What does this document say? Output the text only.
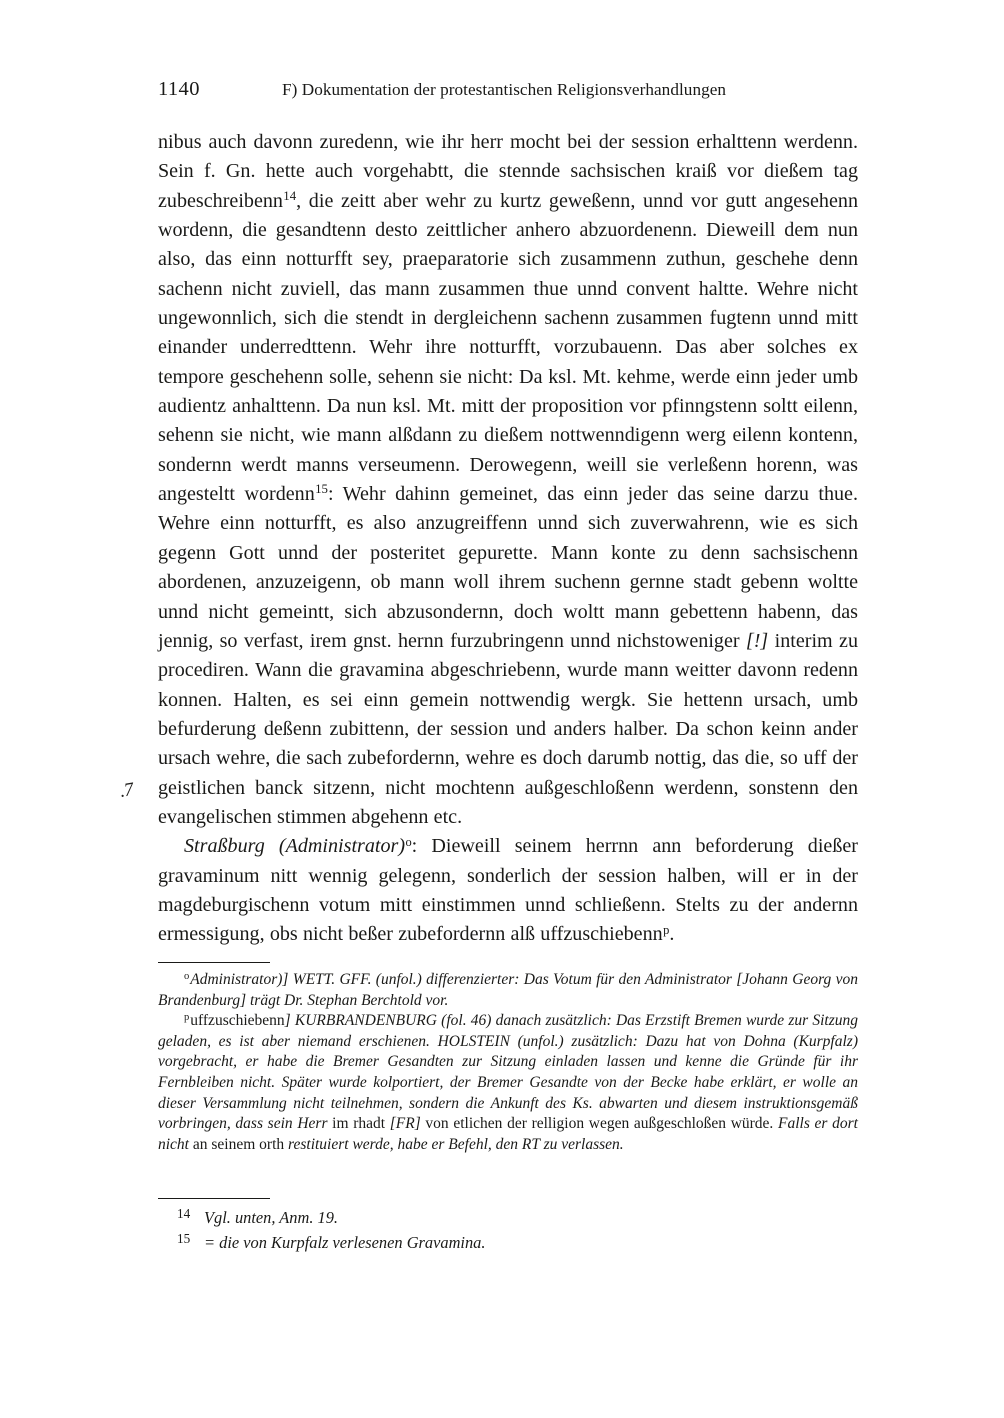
1140	F) Dokumentation der protestantischen Religionsverhandlungen
.7

nibus auch davonn zuredenn, wie ihr herr mocht bei der session erhalttenn werdenn. Sein f. Gn. hette auch vorgehabtt, die stennde sachsischen kraiß vor dießem tag zubeschreibenn$^{14}$, die zeitt aber wehr zu kurtz geweßenn, unnd vor gutt angesehenn wordenn, die gesandtenn desto zeittlicher anhero abzuordenenn. Dieweill dem nun also, das einn notturfft sey, praeparatorie sich zusammenn zuthun, geschehe denn sachenn nicht zuviell, das mann zusammen thue unnd convent haltte. Wehre nicht ungewonnlich, sich die stendt in dergleichenn sachenn zusammen fugtenn unnd mitt einander underredttenn. Wehr ihre notturfft, vorzubauenn. Das aber solches ex tempore geschehenn solle, sehenn sie nicht: Da ksl. Mt. kehme, werde einn jeder umb audientz anhalttenn. Da nun ksl. Mt. mitt der proposition vor pfinngstenn soltt eilenn, sehenn sie nicht, wie mann alßdann zu dießem nottwenndigenn werg eilenn kontenn, sondernn werdt manns verseumenn. Derowegenn, weill sie verleßenn horenn, was angesteltt wordenn$^{15}$: Wehr dahinn gemeinet, das einn jeder das seine darzu thue. Wehre einn notturfft, es also anzugreiffenn unnd sich zuverwahrenn, wie es sich gegenn Gott unnd der posteritet gepurette. Mann konte zu denn sachsischenn abordenen, anzuzeigenn, ob mann woll ihrem suchenn gernne stadt gebenn woltte unnd nicht gemeintt, sich abzusondernn, doch woltt mann gebettenn habenn, das jennig, so verfast, irem gnst. hernn furzubringenn unnd nichstoweniger [!] interim zu procediren. Wann die gravamina abgeschriebenn, wurde mann weitter davonn redenn konnen. Halten, es sei einn gemein nottwendig wergk. Sie hettenn ursach, umb befurderung deßenn zubittenn, der session und anders halber. Da schon keinn ander ursach wehre, die sach zubefordernn, wehre es doch darumb nottig, das die, so uff der geistlichen banck sitzenn, nicht mochtenn außgeschloßenn werdenn, sonstenn den evangelischen stimmen abgehenn etc.

Straßburg (Administrator)$^o$: Dieweill seinem herrnn ann beforderung dießer gravaminum nitt wennig gelegenn, sonderlich der session halben, will er in der magdeburgischenn votum mitt einstimmen unnd schließenn. Stelts zu der andernn ermessigung, obs nicht beßer zubefordernn alß uffzuschiebenn$^p$.

$^o$Administrator)] WETT. GFF. (unfol.) differenzierter: Das Votum für den Administrator [Johann Georg von Brandenburg] trägt Dr. Stephan Berchtold vor.

$^p$uffzuschiebenn] KURBRANDENBURG (fol. 46) danach zusätzlich: Das Erzstift Bremen wurde zur Sitzung geladen, es ist aber niemand erschienen. HOLSTEIN (unfol.) zusätzlich: Dazu hat von Dohna (Kurpfalz) vorgebracht, er habe die Bremer Gesandten zur Sitzung einladen lassen und kenne die Gründe für ihr Fernbleiben nicht. Später wurde kolportiert, der Bremer Gesandte von der Becke habe erklärt, er wolle an dieser Versammlung nicht teilnehmen, sondern die Ankunft des Ks. abwarten und diesem instruktionsgemäß vorbringen, dass sein Herr im rhadt [FR] von etlichen der relligion wegen außgeschloßen würde. Falls er dort nicht an seinem orth restituiert werde, habe er Befehl, den RT zu verlassen.

14 Vgl. unten, Anm. 19.
15 = die von Kurpfalz verlesenen Gravamina.
